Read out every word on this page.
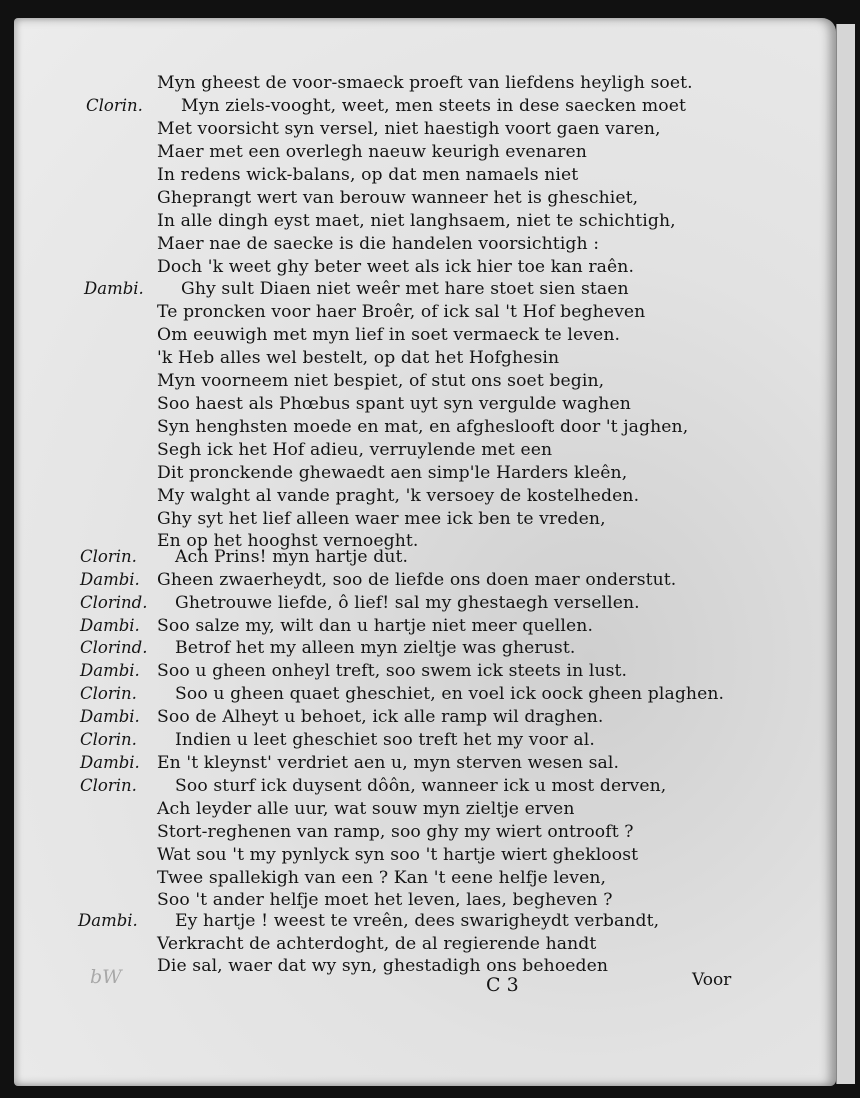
Clorin.
Dambi.
Clorin.
Dambi.
Clorind.
Dambi.
Clorind.
Dambi.
Clorin.
Dambi.
Clorin.
Dambi.
Clorin.
Dambi.
Myn gheest de voor-smaeck proeft van liefdens heyligh soet.
Myn ziels-vooght, weet, men steets in dese saecken moet
Met voorsicht syn versel, niet haestigh voort gaen varen,
Maer met een overlegh naeuw keurigh evenaren
In redens wick-balans, op dat men namaels niet
Gheprangt wert van berouw wanneer het is gheschiet,
In alle dingh eyst maet, niet langhsaem, niet te schichtigh,
Maer nae de saecke is die handelen voorsichtigh :
Doch 'k weet ghy beter weet als ick hier toe kan raên.
Ghy sult Diaen niet weêr met hare stoet sien staen
Te proncken voor haer Broêr, of ick sal 't Hof begheven
Om eeuwigh met myn lief in soet vermaeck te leven.
'k Heb alles wel bestelt, op dat het Hofghesin
Myn voorneem niet bespiet, of stut ons soet begin,
Soo haest als Phœbus spant uyt syn vergulde waghen
Syn henghsten moede en mat, en afgheslooft door 't jaghen,
Segh ick het Hof adieu, verruylende met een
Dit pronckende ghewaedt aen simp'le Harders kleên,
My walght al vande praght, 'k versoey de kostelheden.
Ghy syt het lief alleen waer mee ick ben te vreden,
En op het hooghst vernoeght.
Ach Prins! myn hartje dut.
Gheen zwaerheydt, soo de liefde ons doen maer onderstut.
Ghetrouwe liefde, ô lief! sal my ghestaegh versellen.
Soo salze my, wilt dan u hartje niet meer quellen.
Betrof het my alleen myn zieltje was gherust.
Soo u gheen onheyl treft, soo swem ick steets in lust.
Soo u gheen quaet gheschiet, en voel ick oock gheen plaghen.
Soo de Alheyt u behoet, ick alle ramp wil draghen.
Indien u leet gheschiet soo treft het my voor al.
En 't kleynst' verdriet aen u, myn sterven wesen sal.
Soo sturf ick duysent dôôn, wanneer ick u most derven,
Ach leyder alle uur, wat souw myn zieltje erven
Stort-reghenen van ramp, soo ghy my wiert ontrooft ?
Wat sou 't my pynlyck syn soo 't hartje wiert ghekloost
Twee spallekigh van een ? Kan 't eene helfje leven,
Soo 't ander helfje moet het leven, laes, begheven ?
Ey hartje ! weest te vreên, dees swarigheydt verbandt,
Verkracht de achterdoght, de al regierende handt
Die sal, waer dat wy syn, ghestadigh ons behoeden
bW	C 3	Voor
